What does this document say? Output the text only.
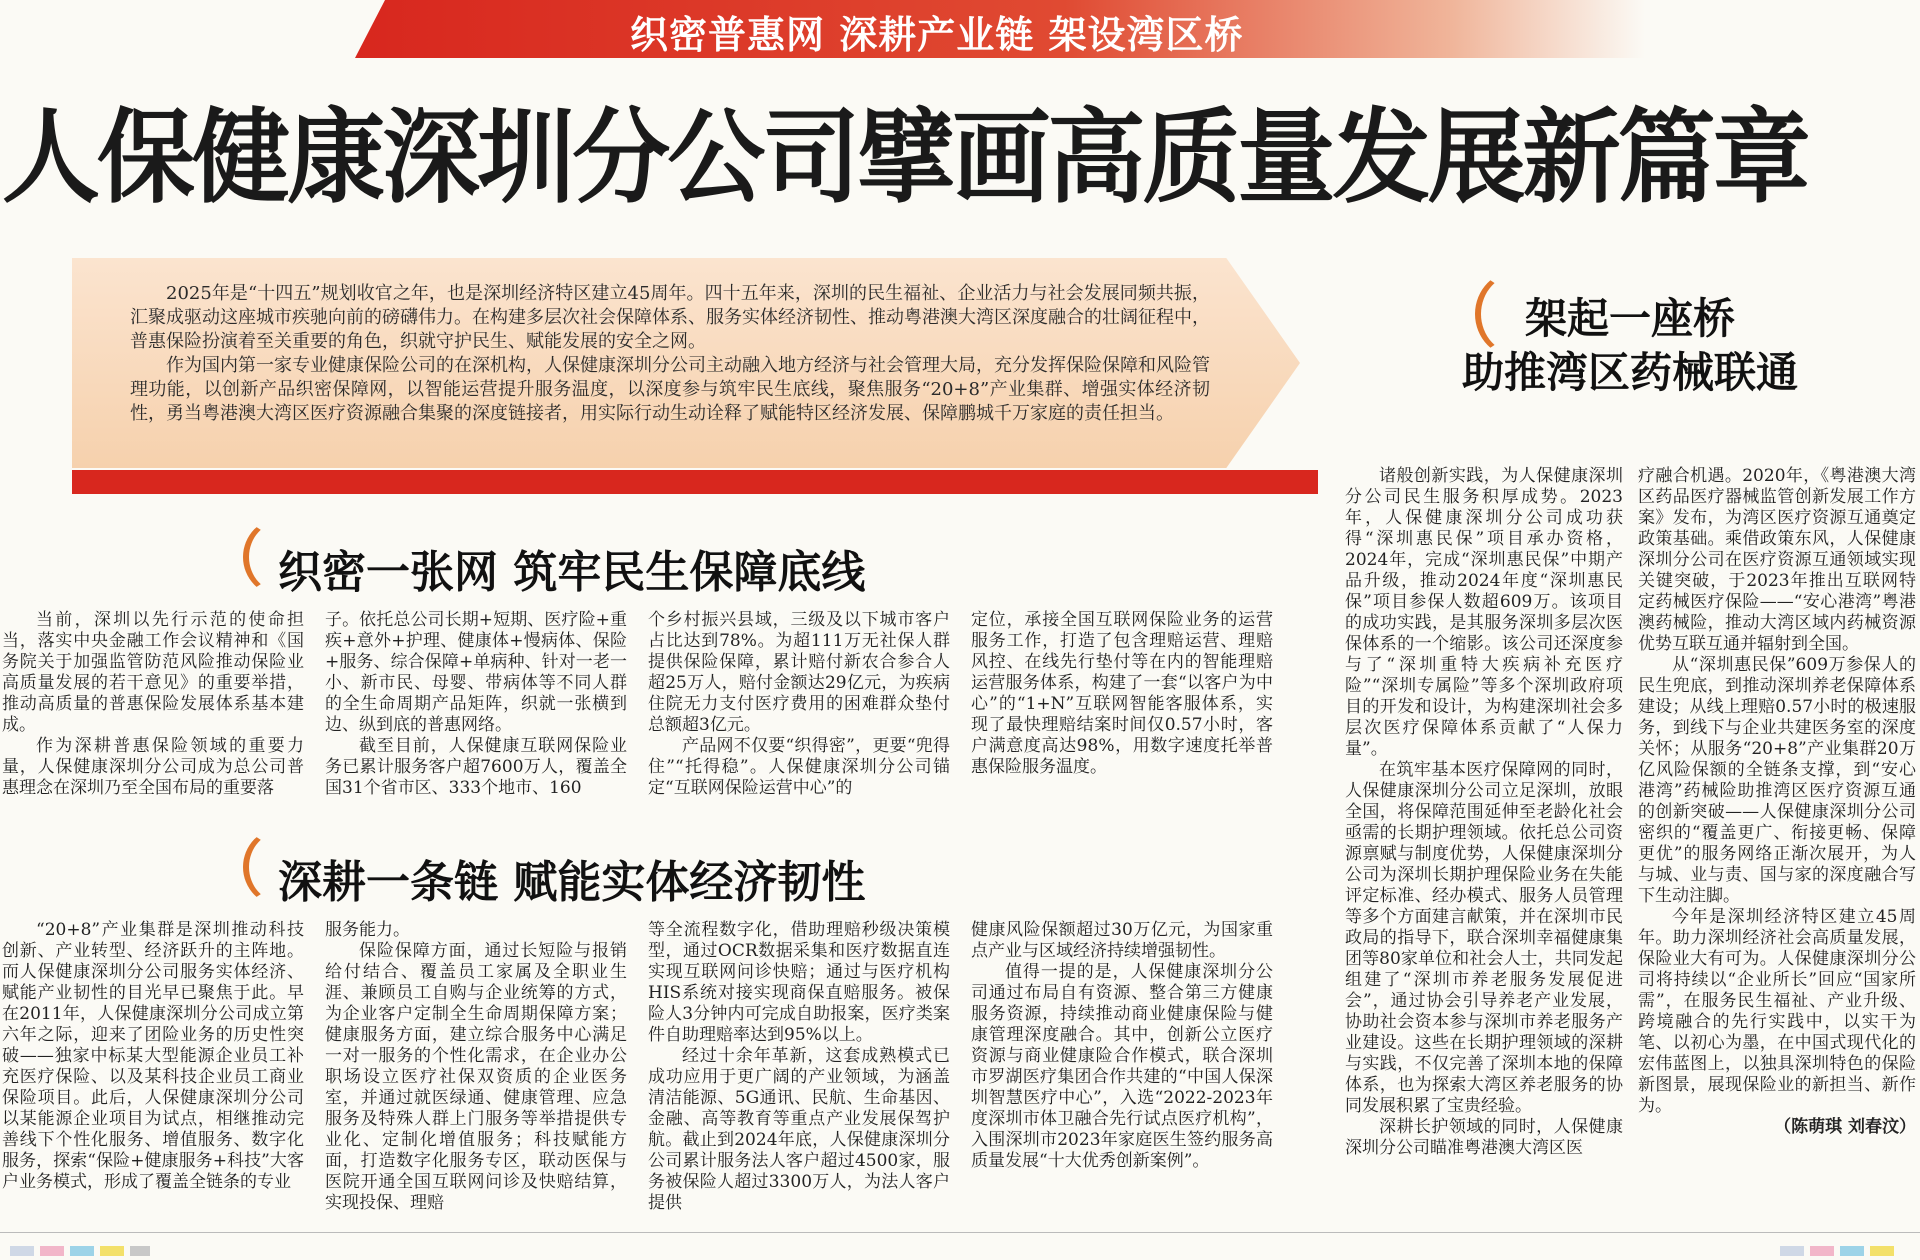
织密普惠网 深耕产业链 架设湾区桥
人保健康深圳分公司擘画高质量发展新篇章

2025年是“十四五”规划收官之年，也是深圳经济特区建立45周年。四十五年来，深圳的民生福祉、企业活力与社会发展同频共振，汇聚成驱动这座城市疾驰向前的磅礴伟力。在构建多层次社会保障体系、服务实体经济韧性、推动粤港澳大湾区深度融合的壮阔征程中，普惠保险扮演着至关重要的角色，织就守护民生、赋能发展的安全之网。

作为国内第一家专业健康保险公司的在深机构，人保健康深圳分公司主动融入地方经济与社会管理大局，充分发挥保险保障和风险管理功能，以创新产品织密保障网，以智能运营提升服务温度，以深度参与筑牢民生底线，聚焦服务“20+8”产业集群、增强实体经济韧性，勇当粤港澳大湾区医疗资源融合集聚的深度链接者，用实际行动生动诠释了赋能特区经济发展、保障鹏城千万家庭的责任担当。

架起一座桥
助推湾区药械联通
织密一张网 筑牢民生保障底线

当前，深圳以先行示范的使命担当，落实中央金融工作会议精神和《国务院关于加强监管防范风险推动保险业高质量发展的若干意见》的重要举措，推动高质量的普惠保险发展体系基本建成。

作为深耕普惠保险领域的重要力量，人保健康深圳分公司成为总公司普惠理念在深圳乃至全国布局的重要落

子。依托总公司长期+短期、医疗险+重疾+意外+护理、健康体+慢病体、保险+服务、综合保障+单病种、针对一老一小、新市民、母婴、带病体等不同人群的全生命周期产品矩阵，织就一张横到边、纵到底的普惠网络。

截至目前，人保健康互联网保险业务已累计服务客户超7600万人，覆盖全国31个省市区、333个地市、160

个乡村振兴县域，三级及以下城市客户占比达到78%。为超111万无社保人群提供保险保障，累计赔付新农合参合人超25万人，赔付金额达29亿元，为疾病住院无力支付医疗费用的困难群众垫付总额超3亿元。

产品网不仅要“织得密”，更要“兜得住”“托得稳”。人保健康深圳分公司锚定“互联网保险运营中心”的

定位，承接全国互联网保险业务的运营服务工作，打造了包含理赔运营、理赔风控、在线先行垫付等在内的智能理赔运营服务体系，构建了一套“以客户为中心”的“1+N”互联网智能客服体系，实现了最快理赔结案时间仅0.57小时，客户满意度高达98%，用数字速度托举普惠保险服务温度。

深耕一条链 赋能实体经济韧性

“20+8”产业集群是深圳推动科技创新、产业转型、经济跃升的主阵地。而人保健康深圳分公司服务实体经济、赋能产业韧性的目光早已聚焦于此。早在2011年，人保健康深圳分公司成立第六年之际，迎来了团险业务的历史性突破——独家中标某大型能源企业员工补充医疗保险、以及某科技企业员工商业保险项目。此后，人保健康深圳分公司以某能源企业项目为试点，相继推动完善线下个性化服务、增值服务、数字化服务，探索“保险+健康服务+科技”大客户业务模式，形成了覆盖全链条的专业

服务能力。

保险保障方面，通过长短险与报销给付结合、覆盖员工家属及全职业生涯、兼顾员工自购与企业统筹的方式，为企业客户定制全生命周期保障方案；健康服务方面，建立综合服务中心满足一对一服务的个性化需求，在企业办公职场设立医疗社保双资质的企业医务室，并通过就医绿通、健康管理、应急服务及特殊人群上门服务等举措提供专业化、定制化增值服务；科技赋能方面，打造数字化服务专区，联动医保与医院开通全国互联网问诊及快赔结算，实现投保、理赔

等全流程数字化，借助理赔秒级决策模型，通过OCR数据采集和医疗数据直连实现互联网问诊快赔；通过与医疗机构HIS系统对接实现商保直赔服务。被保险人3分钟内可完成自助报案，医疗类案件自助理赔率达到95%以上。

经过十余年革新，这套成熟模式已成功应用于更广阔的产业领域，为涵盖清洁能源、5G通讯、民航、生命基因、金融、高等教育等重点产业发展保驾护航。截止到2024年底，人保健康深圳分公司累计服务法人客户超过4500家，服务被保险人超过3300万人，为法人客户提供

健康风险保额超过30万亿元，为国家重点产业与区域经济持续增强韧性。

值得一提的是，人保健康深圳分公司通过布局自有资源、整合第三方健康服务资源，持续推动商业健康保险与健康管理深度融合。其中，创新公立医疗资源与商业健康险合作模式，联合深圳市罗湖医疗集团合作共建的“中国人保深圳智慧医疗中心”，入选“2022-2023年度深圳市体卫融合先行试点医疗机构”，入围深圳市2023年家庭医生签约服务高质量发展“十大优秀创新案例”。

诸般创新实践，为人保健康深圳分公司民生服务积厚成势。2023年，人保健康深圳分公司成功获得“深圳惠民保”项目承办资格，2024年，完成“深圳惠民保”中期产品升级，推动2024年度“深圳惠民保”项目参保人数超609万。该项目的成功实践，是其服务深圳多层次医保体系的一个缩影。该公司还深度参与了“深圳重特大疾病补充医疗险”“深圳专属险”等多个深圳政府项目的开发和设计，为构建深圳社会多层次医疗保障体系贡献了“人保力量”。

在筑牢基本医疗保障网的同时，人保健康深圳分公司立足深圳，放眼全国，将保障范围延伸至老龄化社会亟需的长期护理领域。依托总公司资源禀赋与制度优势，人保健康深圳分公司为深圳长期护理保险业务在失能评定标准、经办模式、服务人员管理等多个方面建言献策，并在深圳市民政局的指导下，联合深圳幸福健康集团等80家单位和社会人士，共同发起组建了“深圳市养老服务发展促进会”，通过协会引导养老产业发展，协助社会资本参与深圳市养老服务产业建设。这些在长期护理领域的深耕与实践，不仅完善了深圳本地的保障体系，也为探索大湾区养老服务的协同发展积累了宝贵经验。

深耕长护领域的同时，人保健康深圳分公司瞄准粤港澳大湾区医

疗融合机遇。2020年，《粤港澳大湾区药品医疗器械监管创新发展工作方案》发布，为湾区医疗资源互通奠定政策基础。乘借政策东风，人保健康深圳分公司在医疗资源互通领域实现关键突破，于2023年推出互联网特定药械医疗保险——“安心港湾”粤港澳药械险，推动大湾区域内药械资源优势互联互通并辐射到全国。

从“深圳惠民保”609万参保人的民生兜底，到推动深圳养老保障体系建设；从线上理赔0.57小时的极速服务，到线下与企业共建医务室的深度关怀；从服务“20+8”产业集群20万亿风险保额的全链条支撑，到“安心港湾”药械险助推湾区医疗资源互通的创新突破——人保健康深圳分公司密织的“覆盖更广、衔接更畅、保障更优”的服务网络正渐次展开，为人与城、业与责、国与家的深度融合写下生动注脚。

今年是深圳经济特区建立45周年。助力深圳经济社会高质量发展，保险业大有可为。人保健康深圳分公司将持续以“企业所长”回应“国家所需”，在服务民生福祉、产业升级、跨境融合的先行实践中，以实干为笔、以初心为墨，在中国式现代化的宏伟蓝图上，以独具深圳特色的保险新图景，展现保险业的新担当、新作为。

（陈萌琪 刘春汶）
